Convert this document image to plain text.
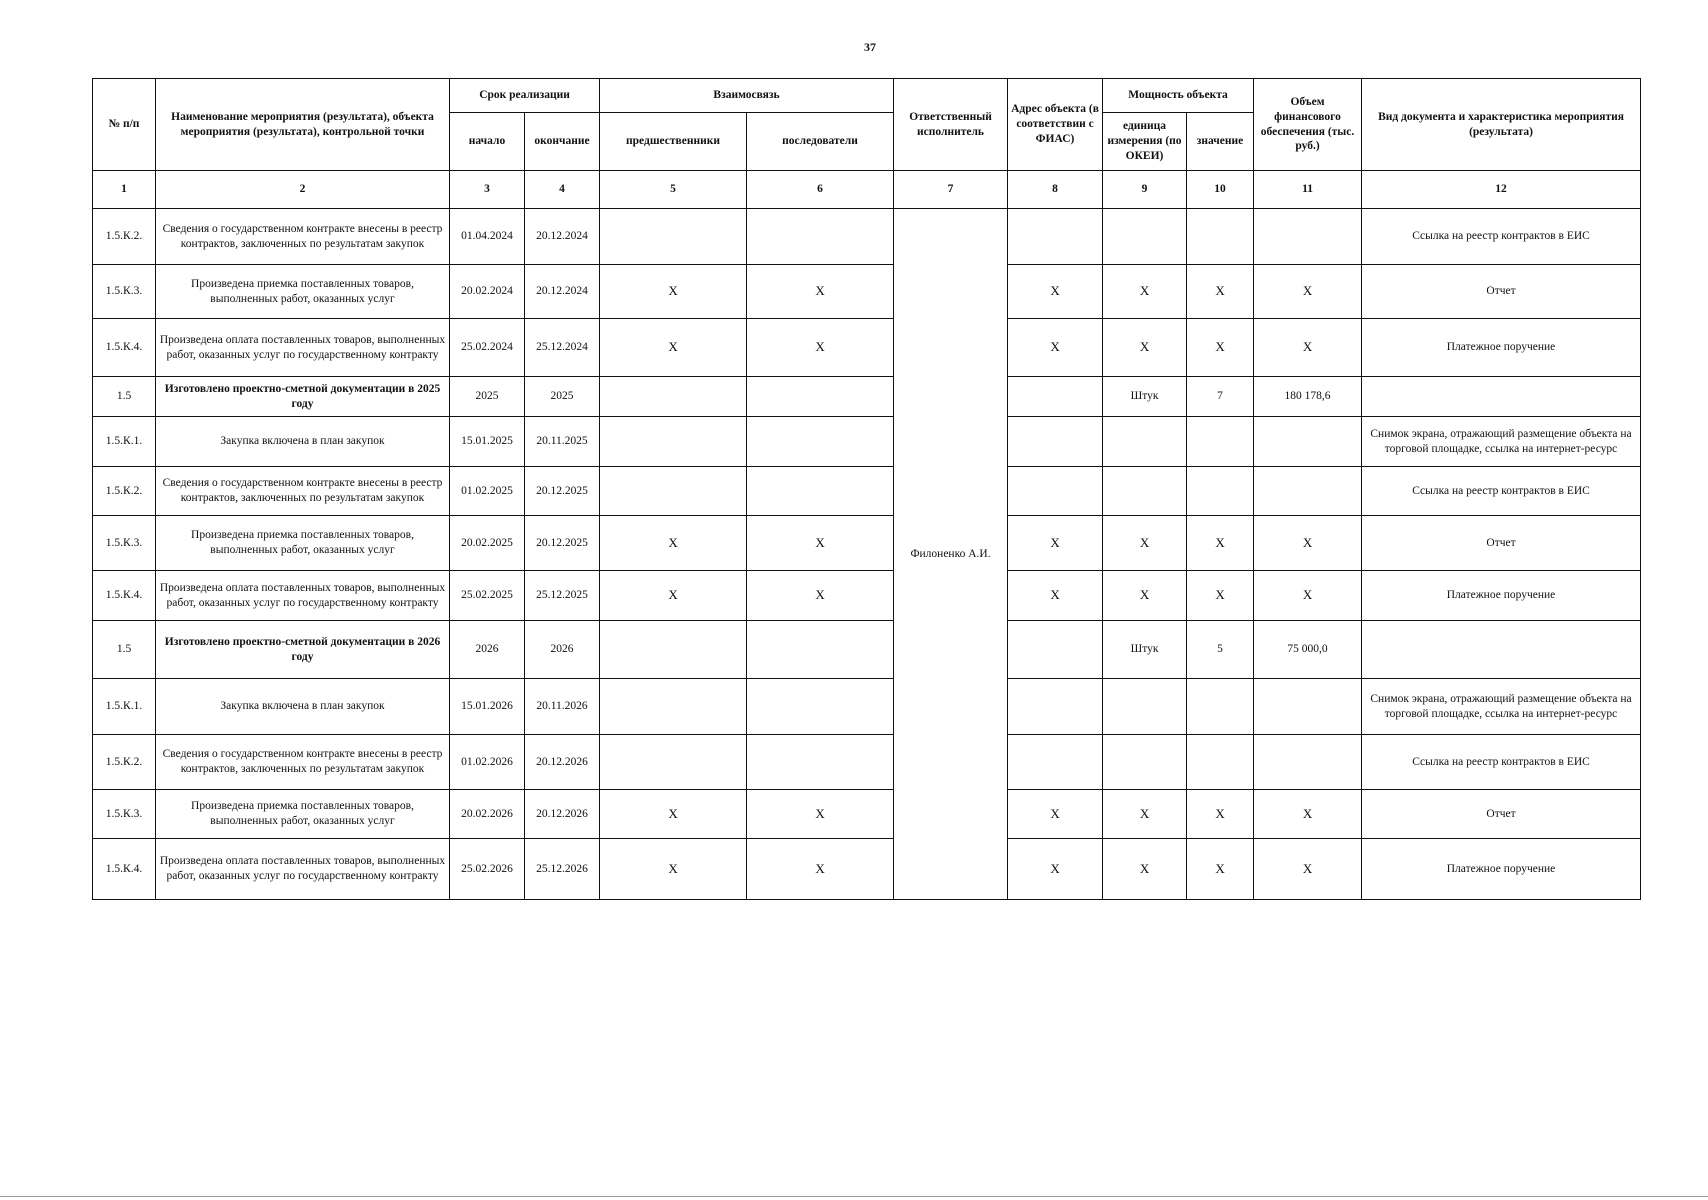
37
№ п/п	Наименование мероприятия (результата), объекта мероприятия (результата), контрольной точки	Срок реализации		Взаимосвязь		Ответственный исполнитель	Адрес объекта (в соответствии с ФИАС)	Мощность объекта		Объем финансового обеспечения (тыс. руб.)	Вид документа и характеристика мероприятия (результата)
		начало	окончание	предшественники	последователи			единица измерения (по ОКЕИ)	значение		
1	2	3	4	5	6	7	8	9	10	11	12
1.5.К.2.	Сведения о государственном контракте внесены в реестр контрактов, заключенных по результатам закупок	01.04.2024	20.12.2024			Филоненко А.И.					Ссылка на реестр контрактов в ЕИС
1.5.К.3.	Произведена приемка поставленных товаров, выполненных работ, оказанных услуг	20.02.2024	20.12.2024	X	X		X	X	X	X	Отчет
1.5.К.4.	Произведена оплата поставленных товаров, выполненных работ, оказанных услуг по государственному контракту	25.02.2024	25.12.2024	X	X		X	X	X	X	Платежное поручение
1.5	Изготовлено проектно-сметной документации в 2025 году	2025	2025					Штук	7	180 178,6	
1.5.К.1.	Закупка включена в план закупок	15.01.2025	20.11.2025								Снимок экрана, отражающий размещение объекта на торговой площадке, ссылка на интернет-ресурс
1.5.К.2.	Сведения о государственном контракте внесены в реестр контрактов, заключенных по результатам закупок	01.02.2025	20.12.2025								Ссылка на реестр контрактов в ЕИС
1.5.К.3.	Произведена приемка поставленных товаров, выполненных работ, оказанных услуг	20.02.2025	20.12.2025	X	X		X	X	X	X	Отчет
1.5.К.4.	Произведена оплата поставленных товаров, выполненных работ, оказанных услуг по государственному контракту	25.02.2025	25.12.2025	X	X		X	X	X	X	Платежное поручение
1.5	Изготовлено проектно-сметной документации в 2026 году	2026	2026					Штук	5	75 000,0	
1.5.К.1.	Закупка включена в план закупок	15.01.2026	20.11.2026								Снимок экрана, отражающий размещение объекта на торговой площадке, ссылка на интернет-ресурс
1.5.К.2.	Сведения о государственном контракте внесены в реестр контрактов, заключенных по результатам закупок	01.02.2026	20.12.2026								Ссылка на реестр контрактов в ЕИС
1.5.К.3.	Произведена приемка поставленных товаров, выполненных работ, оказанных услуг	20.02.2026	20.12.2026	X	X		X	X	X	X	Отчет
1.5.К.4.	Произведена оплата поставленных товаров, выполненных работ, оказанных услуг по государственному контракту	25.02.2026	25.12.2026	X	X		X	X	X	X	Платежное поручение
